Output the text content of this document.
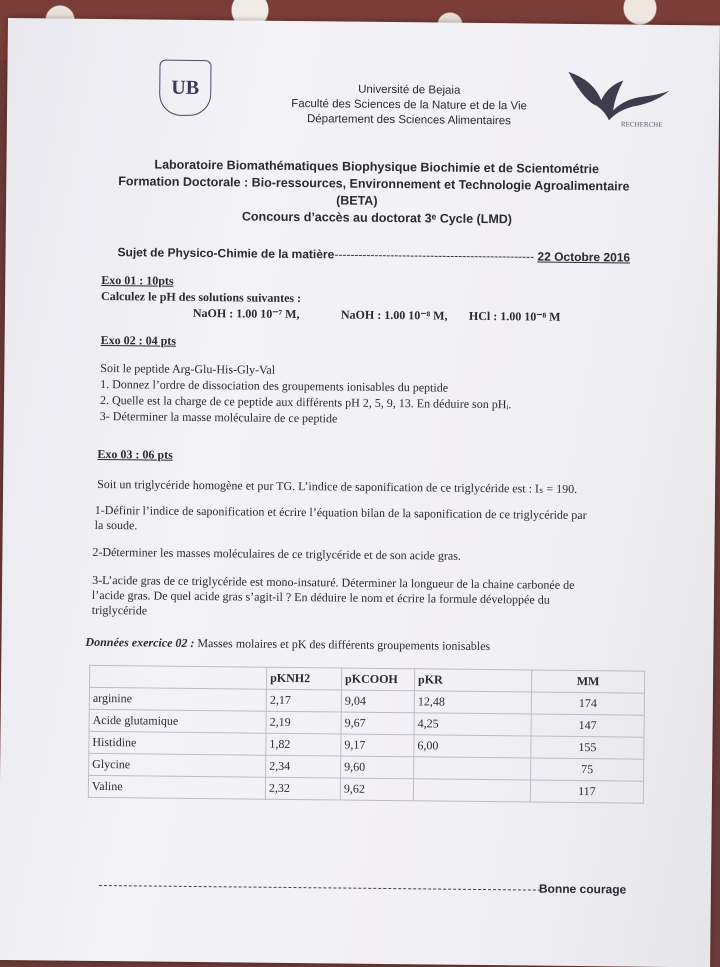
UB
RECHERCHE
Université de Bejaia
Faculté des Sciences de la Nature et de la Vie
Département des Sciences Alimentaires
Laboratoire Biomathématiques Biophysique Biochimie et de Scientométrie
Formation Doctorale : Bio-ressources, Environnement et Technologie Agroalimentaire
(BETA)
Concours d’accès au doctorat 3ᵉ Cycle (LMD)
Sujet de Physico-Chimie de la matière-------------------------------------------------- 22 Octobre 2016
Exo 01 : 10pts
Calculez le pH des solutions suivantes :
NaOH : 1.00 10⁻⁷ M,	NaOH : 1.00 10⁻⁸ M, HCl : 1.00 10⁻⁸ M
Exo 02 : 04 pts
Soit le peptide Arg-Glu-His-Gly-Val
1. Donnez l’ordre de dissociation des groupements ionisables du peptide
2. Quelle est la charge de ce peptide aux différents pH 2, 5, 9, 13. En déduire son pHᵢ.
3- Déterminer la masse moléculaire de ce peptide
Exo 03 : 06 pts
Soit un triglycéride homogène et pur TG. L’indice de saponification de ce triglycéride est : Iₛ = 190.
1-Définir l’indice de saponification et écrire l’équation bilan de la saponification de ce triglycéride par
la soude.
2-Déterminer les masses moléculaires de ce triglycéride et de son acide gras.
3-L’acide gras de ce triglycéride est mono-insaturé. Déterminer la longueur de la chaine carbonée de
l’acide gras. De quel acide gras s’agit-il ? En déduire le nom et écrire la formule développée du
triglycéride
Données exercice 02 : Masses molaires et pK des différents groupements ionisables
	pKNH2	pKCOOH	pKR	MM
arginine	2,17	9,04	12,48	174
Acide glutamique	2,19	9,67	4,25	147
Histidine	1,82	9,17	6,00	155
Glycine	2,34	9,60		75
Valine	2,32	9,62		117
Bonne courage
